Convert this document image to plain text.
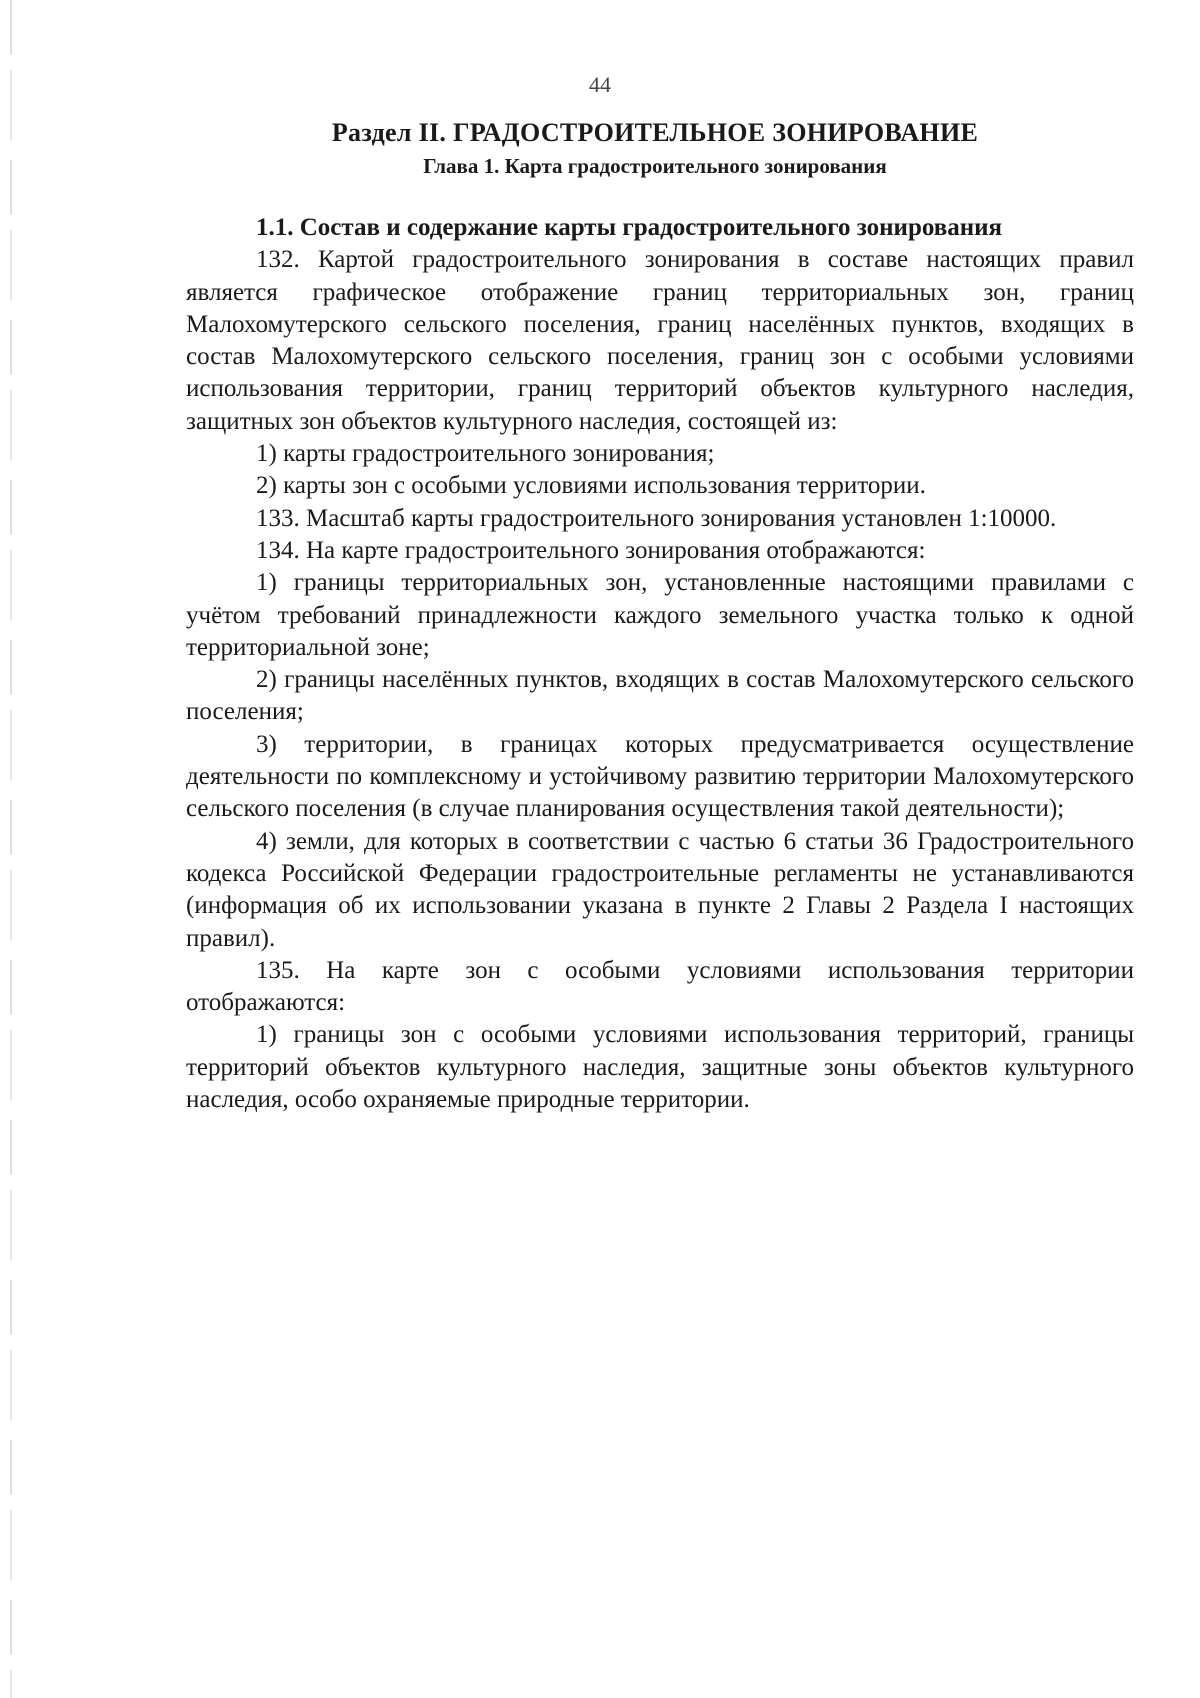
44
Раздел II. ГРАДОСТРОИТЕЛЬНОЕ ЗОНИРОВАНИЕ
Глава 1. Карта градостроительного зонирования

1.1. Состав и содержание карты градостроительного зонирования

132. Картой градостроительного зонирования в составе настоящих правил является графическое отображение границ территориальных зон, границ Малохомутерского сельского поселения, границ населённых пунктов, входящих в состав Малохомутерского сельского поселения, границ зон с особыми условиями использования территории, границ территорий объектов культурного наследия, защитных зон объектов культурного наследия, состоящей из:

1) карты градостроительного зонирования;

2) карты зон с особыми условиями использования территории.

133. Масштаб карты градостроительного зонирования установлен 1:10000.

134. На карте градостроительного зонирования отображаются:

1) границы территориальных зон, установленные настоящими правилами с учётом требований принадлежности каждого земельного участка только к одной территориальной зоне;

2) границы населённых пунктов, входящих в состав Малохомутерского сельского поселения;

3) территории, в границах которых предусматривается осуществление деятельности по комплексному и устойчивому развитию территории Малохомутерского сельского поселения (в случае планирования осуществления такой деятельности);

4) земли, для которых в соответствии с частью 6 статьи 36 Градостроительного кодекса Российской Федерации градостроительные регламенты не устанавливаются (информация об их использовании указана в пункте 2 Главы 2 Раздела I настоящих правил).

135. На карте зон с особыми условиями использования территории отображаются:

1) границы зон с особыми условиями использования территорий, границы территорий объектов культурного наследия, защитные зоны объектов культурного наследия, особо охраняемые природные территории.
